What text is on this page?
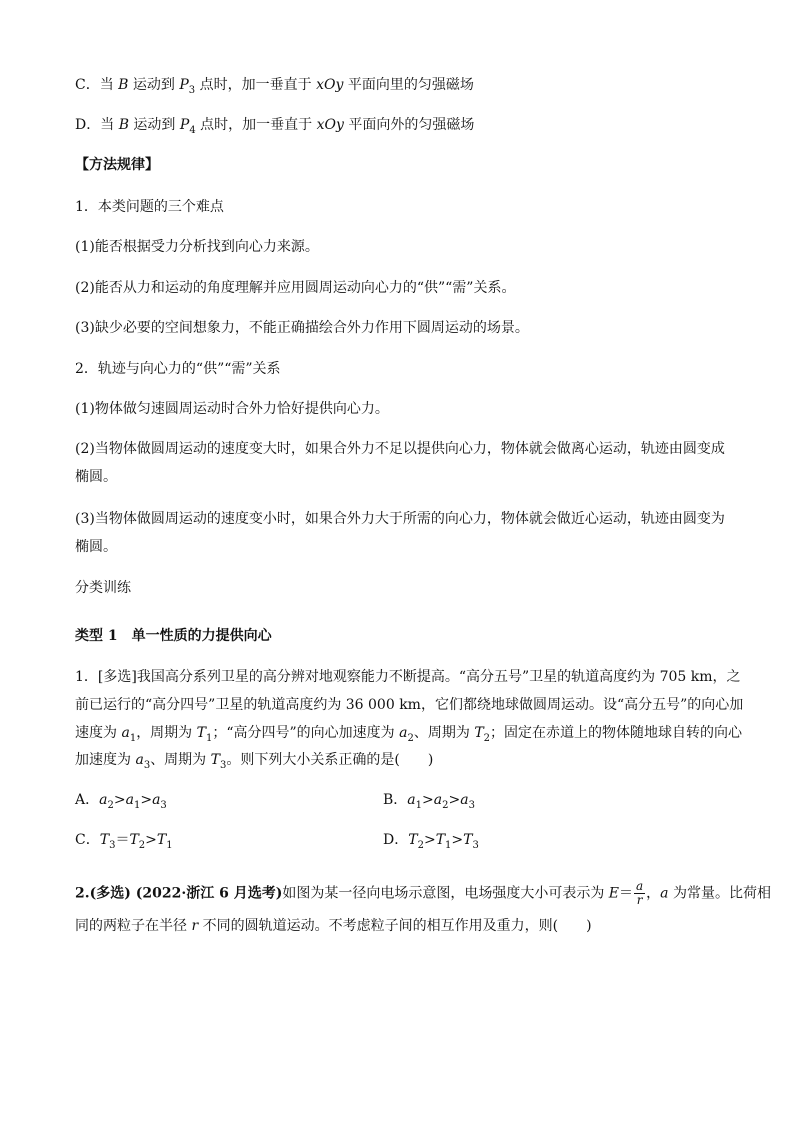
C．当 B 运动到 $P_3$ 点时，加一垂直于 xOy 平面向里的匀强磁场
D．当 B 运动到 $P_4$ 点时，加一垂直于 xOy 平面向外的匀强磁场
【方法规律】
1．本类问题的三个难点
(1)能否根据受力分析找到向心力来源。
(2)能否从力和运动的角度理解并应用圆周运动向心力的“供”“需”关系。
(3)缺少必要的空间想象力，不能正确描绘合外力作用下圆周运动的场景。
2．轨迹与向心力的“供”“需”关系
(1)物体做匀速圆周运动时合外力恰好提供向心力。
(2)当物体做圆周运动的速度变大时，如果合外力不足以提供向心力，物体就会做离心运动，轨迹由圆变成
椭圆。
(3)当物体做圆周运动的速度变小时，如果合外力大于所需的向心力，物体就会做近心运动，轨迹由圆变为
椭圆。
分类训练
类型 1　单一性质的力提供向心
1．[多选]我国高分系列卫星的高分辨对地观察能力不断提高。“高分五号”卫星的轨道高度约为 705 km，之
前已运行的“高分四号”卫星的轨道高度约为 36 000 km，它们都绕地球做圆周运动。设“高分五号”的向心加
速度为 $a_1$，周期为 $T_1$；“高分四号”的向心加速度为 $a_2$、周期为 $T_2$；固定在赤道上的物体随地球自转的向心
加速度为 $a_3$、周期为 $T_3$。则下列大小关系正确的是(　　)
A．$a_2>a_1>a_3$	B．$a_1>a_2>a_3$
C．$T_3=T_2>T_1$	D．$T_2>T_1>T_3$
2.(多选) (2022·浙江 6 月选考)如图为某一径向电场示意图，电场强度大小可表示为 $E= \frac{a}{r}$ ，a 为常量。比荷相
同的两粒子在半径 r 不同的圆轨道运动。不考虑粒子间的相互作用及重力，则(　　)
